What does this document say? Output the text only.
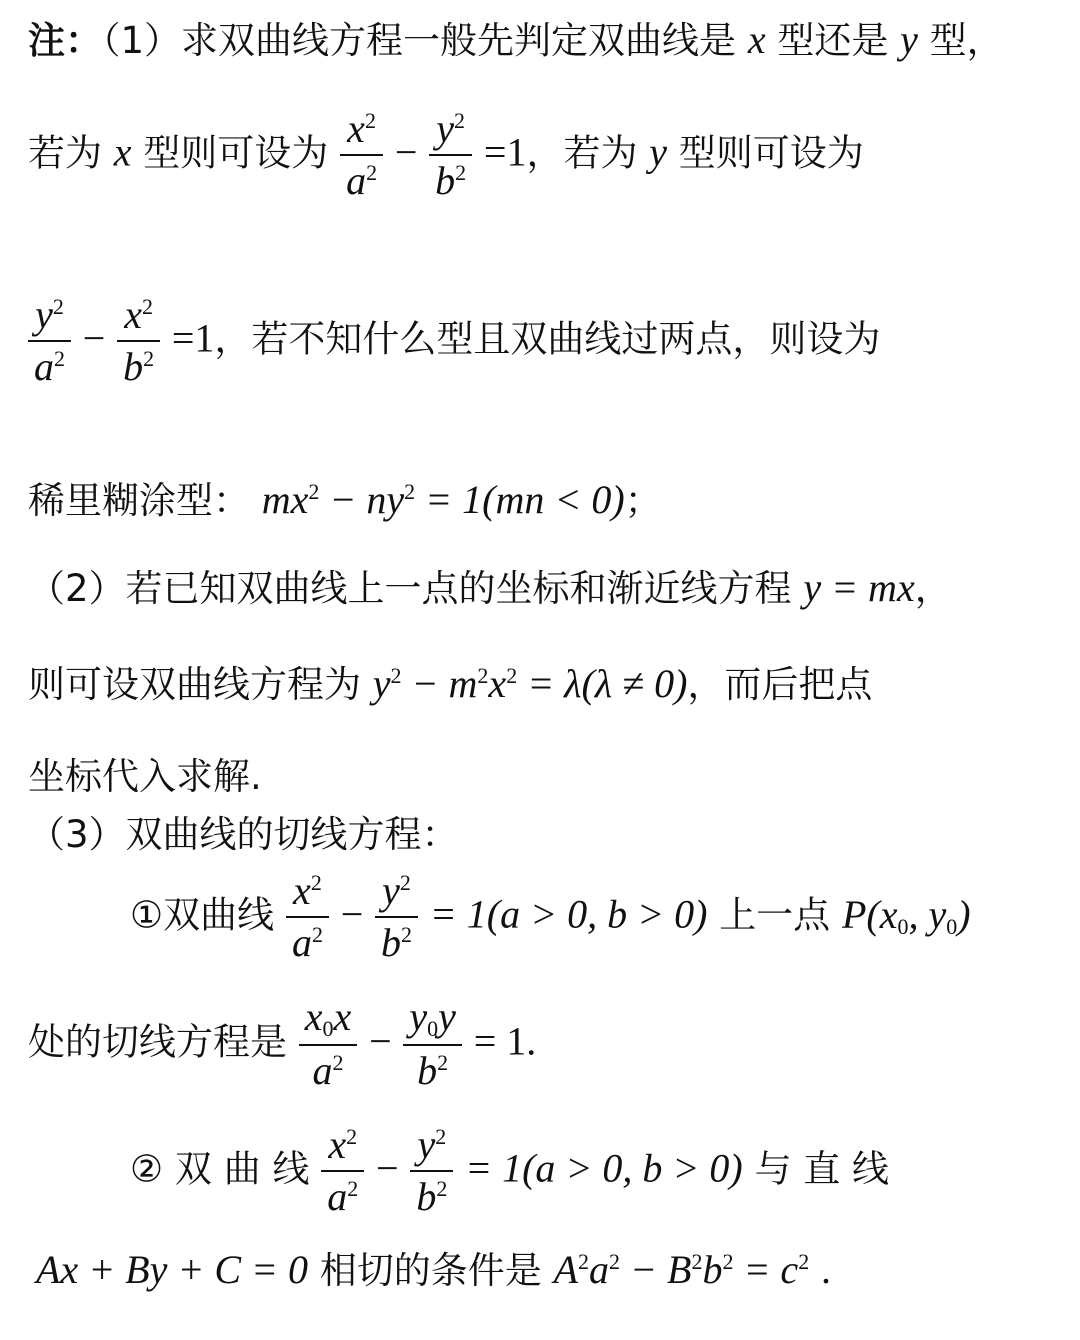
注：（1）求双曲线方程一般先判定双曲线是 x 型还是 y 型，
若为 x 型则可设为 $\frac{x^2}{a^2} - \frac{y^2}{b^2} =1$，若为 y 型则可设为
$\frac{y^2}{a^2} - \frac{x^2}{b^2} =1$，若不知什么型且双曲线过两点，则设为
稀里糊涂型： $mx^2 - ny^2 = 1(mn < 0)$；
（2）若已知双曲线上一点的坐标和渐近线方程 y = mx，
则可设双曲线方程为 $y^2 - m^2x^2 = \lambda(\lambda \ne 0)$，而后把点
坐标代入求解.
（3）双曲线的切线方程：
①双曲线 $\frac{x^2}{a^2} - \frac{y^2}{b^2} = 1(a > 0$, b > 0) 上一点 $P(x_0$, $y_0$)
处的切线方程是 $\frac{x_0x}{a^2} - \frac{y_0y}{b^2} = 1$.
② 双 曲 线 $\frac{x^2}{a^2} - \frac{y^2}{b^2} = 1(a > 0$, b > 0) 与 直 线
Ax + By + C = 0 相切的条件是 $A^2a^2 - B^2b^2 = c^2$ .
